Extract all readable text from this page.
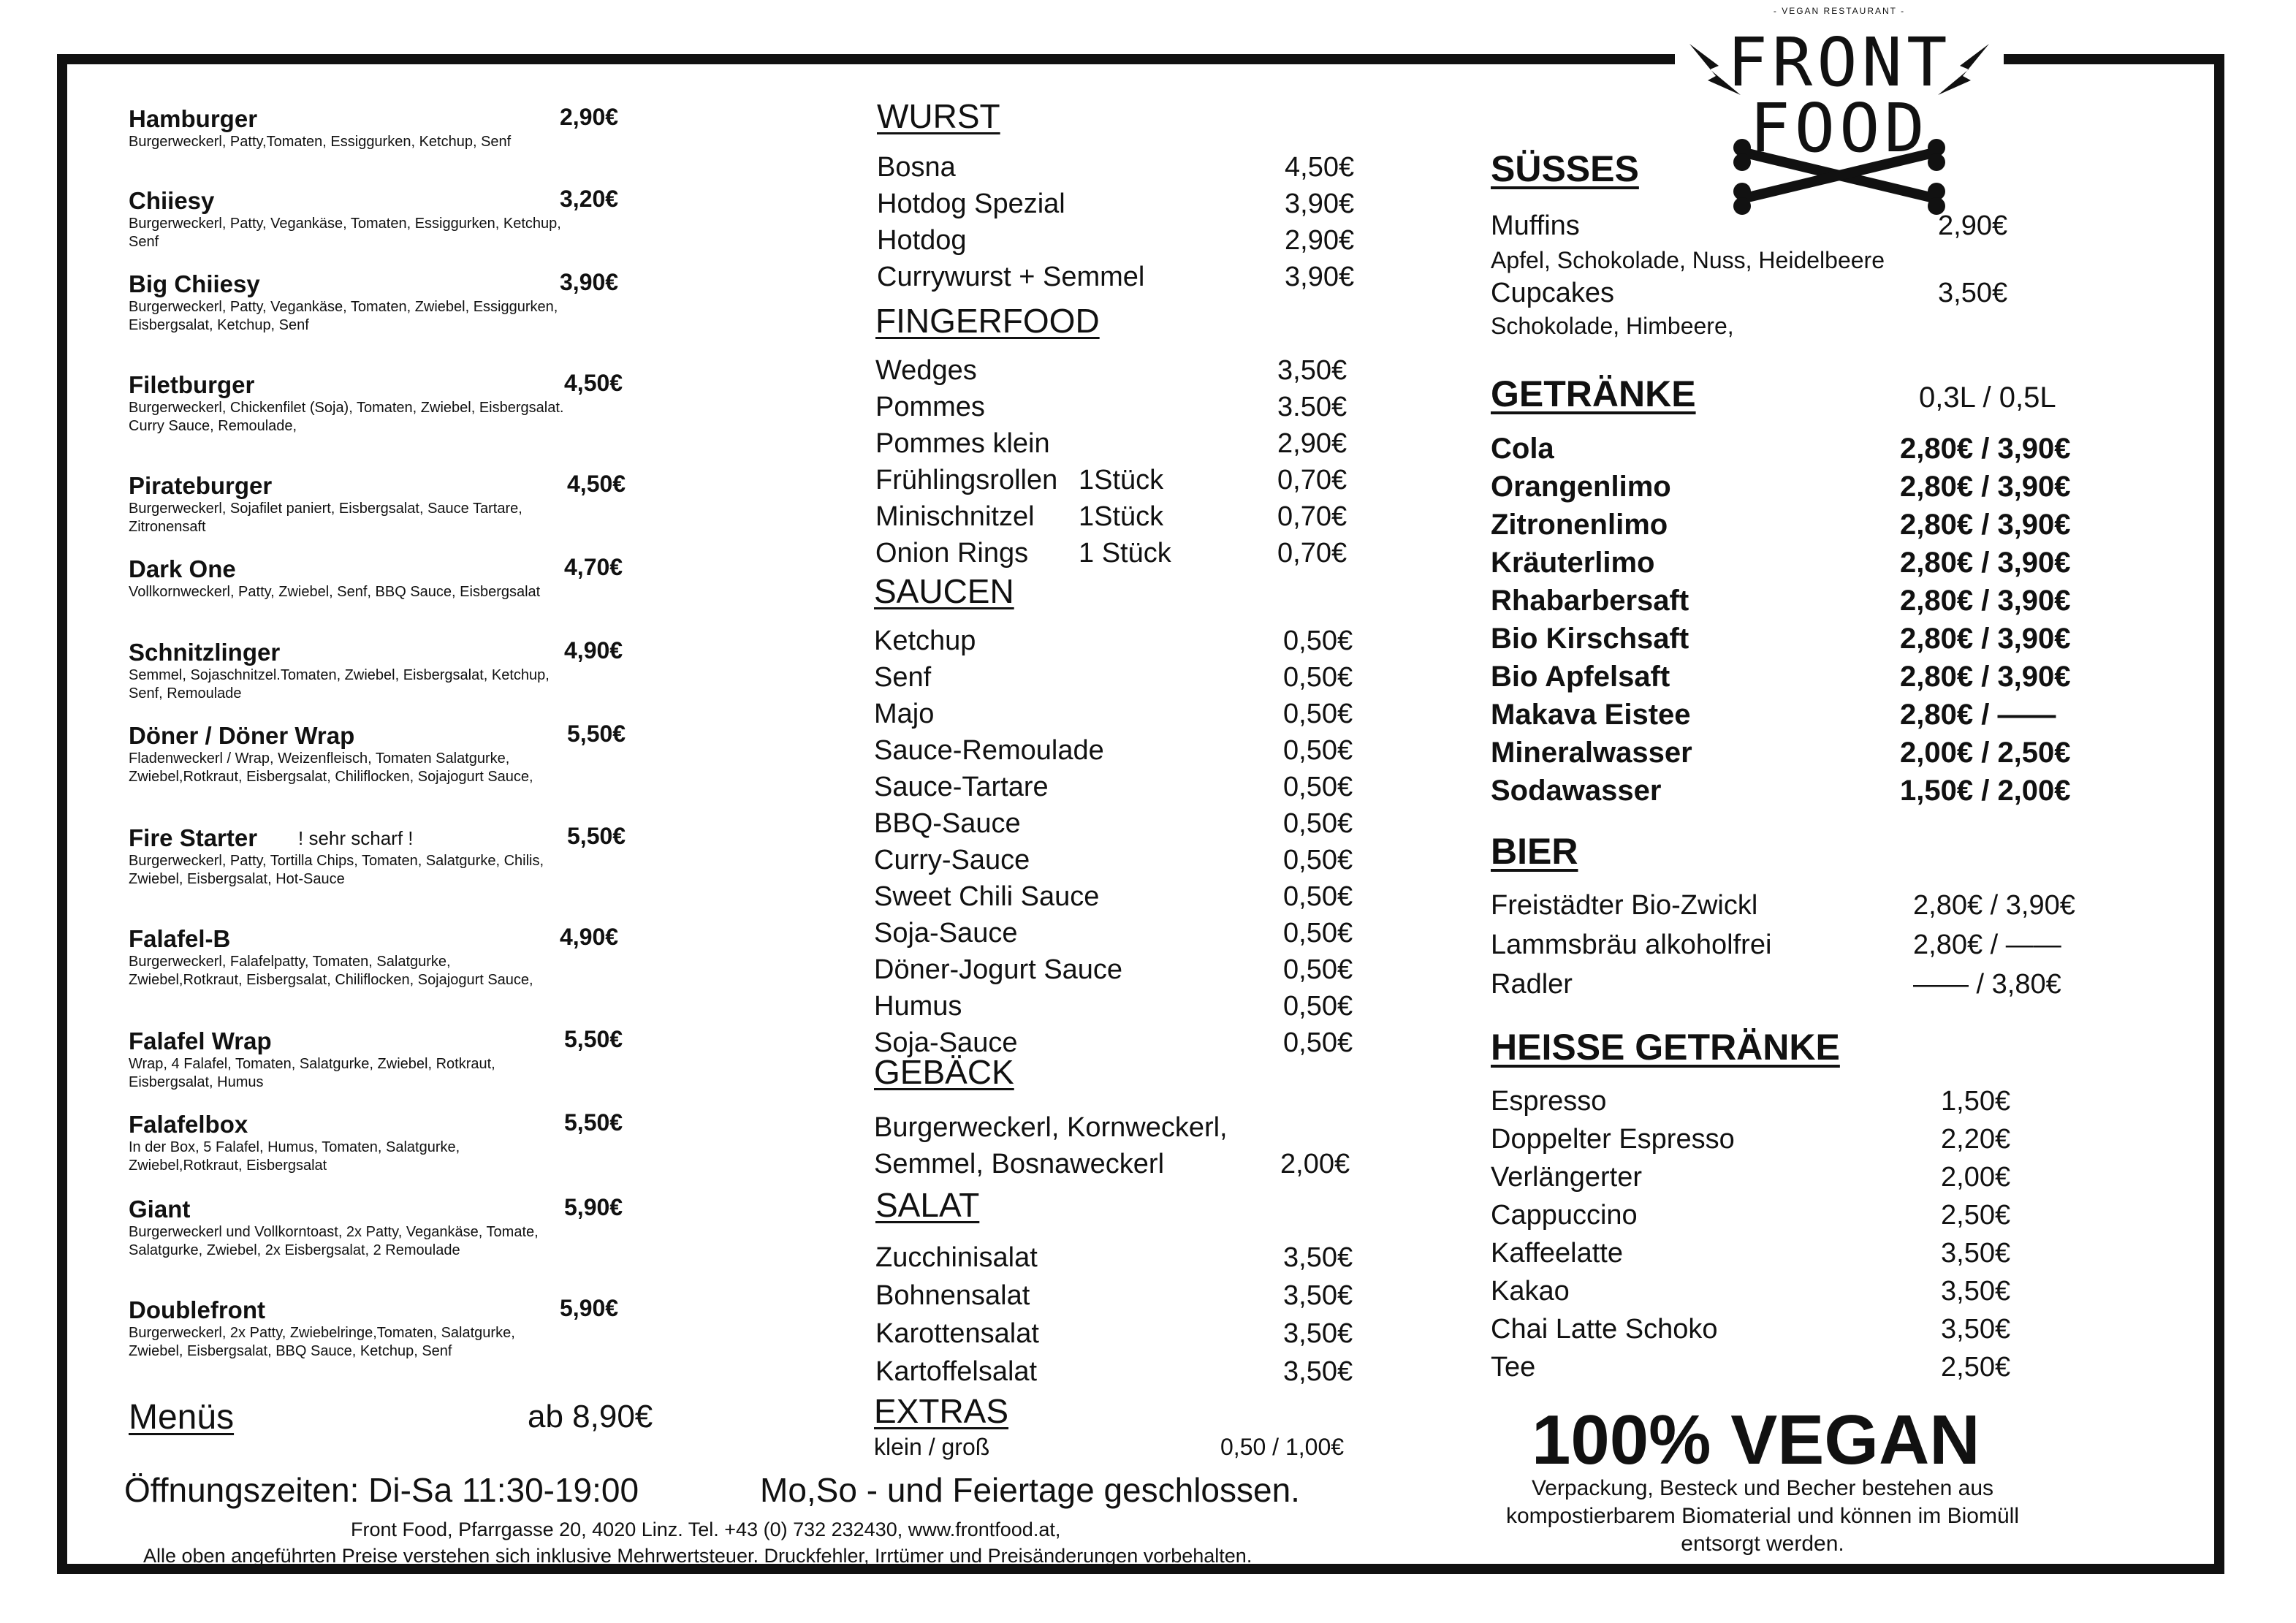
- VEGAN RESTAURANT -
FRONT
FOOD
Hamburger	2,90€
Burgerweckerl, Patty,Tomaten, Essiggurken, Ketchup, Senf
Chiiesy	3,20€
Burgerweckerl, Patty, Vegankäse, Tomaten, Essiggurken, Ketchup, Senf
Big Chiiesy	3,90€
Burgerweckerl, Patty, Vegankäse, Tomaten, Zwiebel, Essiggurken, Eisbergsalat, Ketchup, Senf
Filetburger	4,50€
Burgerweckerl, Chickenfilet (Soja), Tomaten, Zwiebel, Eisbergsalat. Curry Sauce, Remoulade,
Pirateburger	4,50€
Burgerweckerl, Sojafilet paniert, Eisbergsalat, Sauce Tartare, Zitronensaft
Dark One	4,70€
Vollkornweckerl, Patty, Zwiebel, Senf, BBQ Sauce, Eisbergsalat
Schnitzlinger	4,90€
Semmel, Sojaschnitzel.Tomaten, Zwiebel, Eisbergsalat, Ketchup, Senf, Remoulade
Döner / Döner Wrap	5,50€
Fladenweckerl / Wrap, Weizenfleisch, Tomaten Salatgurke, Zwiebel,Rotkraut, Eisbergsalat, Chiliflocken, Sojajogurt Sauce,
Fire Starter ! sehr scharf !	5,50€
Burgerweckerl, Patty, Tortilla Chips, Tomaten, Salatgurke, Chilis, Zwiebel, Eisbergsalat, Hot-Sauce
Falafel-B	4,90€
Burgerweckerl, Falafelpatty, Tomaten, Salatgurke, Zwiebel,Rotkraut, Eisbergsalat, Chiliflocken, Sojajogurt Sauce,
Falafel Wrap	5,50€
Wrap, 4 Falafel, Tomaten, Salatgurke, Zwiebel, Rotkraut, Eisbergsalat, Humus
Falafelbox	5,50€
In der Box, 5 Falafel, Humus, Tomaten, Salatgurke, Zwiebel,Rotkraut, Eisbergsalat
Giant	5,90€
Burgerweckerl und Vollkorntoast, 2x Patty, Vegankäse, Tomate, Salatgurke, Zwiebel, 2x Eisbergsalat, 2 Remoulade
Doublefront	5,90€
Burgerweckerl, 2x Patty, Zwiebelringe,Tomaten, Salatgurke, Zwiebel, Eisbergsalat, BBQ Sauce, Ketchup, Senf
Menüs	ab 8,90€
WURST
Bosna	4,50€
Hotdog Spezial	3,90€
Hotdog	2,90€
Currywurst + Semmel	3,90€
FINGERFOOD
Wedges	3,50€
Pommes	3.50€
Pommes klein	2,90€
Frühlingsrollen 1Stück	0,70€
Minischnitzel 1Stück	0,70€
Onion Rings 1 Stück	0,70€
SAUCEN
Ketchup	0,50€
Senf	0,50€
Majo	0,50€
Sauce-Remoulade	0,50€
Sauce-Tartare	0,50€
BBQ-Sauce	0,50€
Curry-Sauce	0,50€
Sweet Chili Sauce	0,50€
Soja-Sauce	0,50€
Döner-Jogurt Sauce	0,50€
Humus	0,50€
Soja-Sauce	0,50€
GEBÄCK
Burgerweckerl, Kornweckerl,
Semmel, Bosnaweckerl	2,00€
SALAT
Zucchinisalat	3,50€
Bohnensalat	3,50€
Karottensalat	3,50€
Kartoffelsalat	3,50€
EXTRAS
klein / groß	0,50 / 1,00€
SÜSSES
Muffins	2,90€
Apfel, Schokolade, Nuss, Heidelbeere
Cupcakes	3,50€
Schokolade, Himbeere,
GETRÄNKE	0,3L / 0,5L
Cola	2,80€ / 3,90€
Orangenlimo	2,80€ / 3,90€
Zitronenlimo	2,80€ / 3,90€
Kräuterlimo	2,80€ / 3,90€
Rhabarbersaft	2,80€ / 3,90€
Bio Kirschsaft	2,80€ / 3,90€
Bio Apfelsaft	2,80€ / 3,90€
Makava Eistee	2,80€ / ——
Mineralwasser	2,00€ / 2,50€
Sodawasser	1,50€ / 2,00€
BIER
Freistädter Bio-Zwickl	2,80€ / 3,90€
Lammsbräu alkoholfrei	2,80€ / ——
Radler	—— / 3,80€
HEISSE GETRÄNKE
Espresso	1,50€
Doppelter Espresso	2,20€
Verlängerter	2,00€
Cappuccino	2,50€
Kaffeelatte	3,50€
Kakao	3,50€
Chai Latte Schoko	3,50€
Tee	2,50€
100% VEGAN
Verpackung, Besteck und Becher bestehen aus kompostierbarem Biomaterial und können im Biomüll entsorgt werden.
Öffnungszeiten: Di-Sa 11:30-19:00	Mo,So - und Feiertage geschlossen.
Front Food, Pfarrgasse 20, 4020 Linz. Tel. +43 (0) 732 232430, www.frontfood.at,
Alle oben angeführten Preise verstehen sich inklusive Mehrwertsteuer. Druckfehler, Irrtümer und Preisänderungen vorbehalten.
